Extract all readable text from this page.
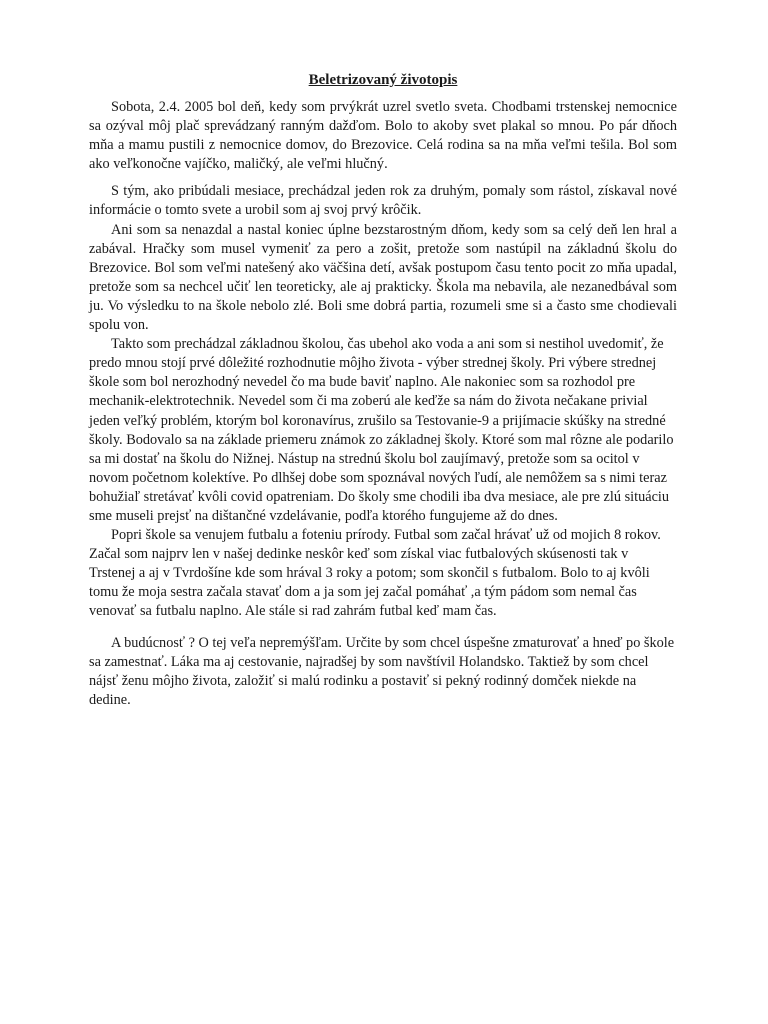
Beletrizovaný životopis

Sobota, 2.4. 2005 bol deň, kedy som prvýkrát uzrel svetlo sveta. Chodbami trstenskej nemocnice sa ozýval môj plač sprevádzaný ranným dažďom. Bolo to akoby svet plakal so mnou. Po pár dňoch mňa a mamu pustili z nemocnice domov, do Brezovice. Celá rodina sa na mňa veľmi tešila. Bol som ako veľkonočne vajíčko, maličký, ale veľmi hlučný.

S tým, ako pribúdali mesiace, prechádzal jeden rok za druhým, pomaly som rástol, získaval nové informácie o tomto svete a urobil som aj svoj prvý krôčik.

Ani som sa nenazdal a nastal koniec úplne bezstarostným dňom, kedy som sa celý deň len hral a zabával. Hračky som musel vymeniť za pero a zošit, pretože som nastúpil na základnú školu do Brezovice. Bol som veľmi natešený ako väčšina detí, avšak postupom času tento pocit zo mňa upadal, pretože som sa nechcel učiť len teoreticky, ale aj prakticky. Škola ma nebavila, ale nezanedbával som ju. Vo výsledku to na škole nebolo zlé. Boli sme dobrá partia, rozumeli sme si a často sme chodievali spolu von.

Takto som prechádzal základnou školou, čas ubehol ako voda a ani som si nestihol uvedomiť, že predo mnou stojí prvé dôležité rozhodnutie môjho života - výber strednej školy. Pri výbere strednej škole som bol nerozhodný nevedel čo ma bude baviť naplno. Ale nakoniec som sa rozhodol pre mechanik-elektrotechnik. Nevedel som či ma zoberú ale keďže sa nám do života nečakane privial jeden veľký problém, ktorým bol koronavírus, zrušilo sa Testovanie-9 a prijímacie skúšky na stredné školy. Bodovalo sa na základe priemeru známok zo základnej školy. Ktoré som mal rôzne ale podarilo sa mi dostať na školu do Nižnej. Nástup na strednú školu bol zaujímavý, pretože som sa ocitol v novom početnom kolektíve. Po dlhšej dobe som spoznával nových ľudí, ale nemôžem sa s nimi teraz bohužiaľ stretávať kvôli covid opatreniam. Do školy sme chodili iba dva mesiace, ale pre zlú situáciu sme museli prejsť na dištančné vzdelávanie, podľa ktorého fungujeme až do dnes.

Popri škole sa venujem futbalu a foteniu prírody. Futbal som začal hrávať už od mojich 8 rokov. Začal som najprv len v našej dedinke neskôr keď som získal viac futbalových skúsenosti tak v Trstenej a aj v Tvrdošíne kde som hrával 3 roky a potom; som skončil s futbalom. Bolo to aj kvôli tomu že moja sestra začala stavať dom a ja som jej začal pomáhať ,a tým pádom som nemal čas venovať sa futbalu naplno. Ale stále si rad zahrám futbal keď mam čas.

A budúcnosť ? O tej veľa nepremýšľam. Určite by som chcel úspešne zmaturovať a hneď po škole sa zamestnať. Láka ma aj cestovanie, najradšej by som navštívil Holandsko. Taktiež by som chcel nájsť ženu môjho života, založiť si malú rodinku a postaviť si pekný rodinný domček niekde na dedine.
